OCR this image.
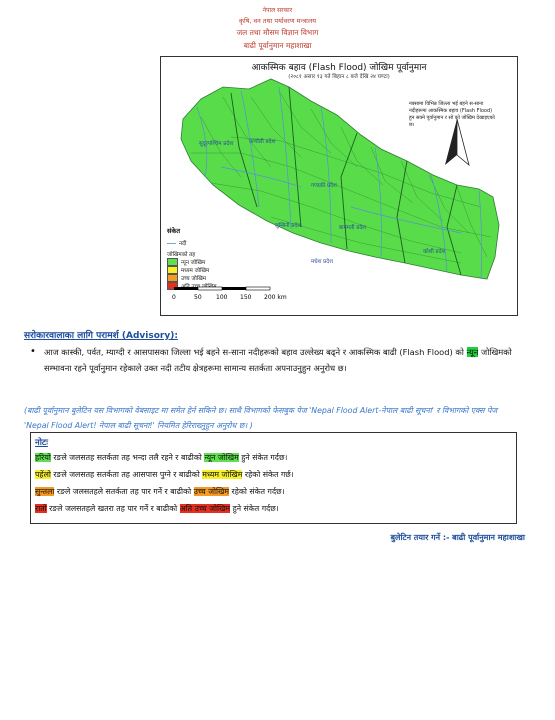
नेपाल सरकार
कृषि, वन तथा पर्यावरण मन्त्रालय
जल तथा मौसम विज्ञान विभाग
बाढी पूर्वानुमान महाशाखा
सुदूरपश्चिम प्रदेश	कर्णाली प्रदेश
गण्डकी प्रदेश
लुम्बिनी प्रदेश	बागमती प्रदेश
मधेश प्रदेश
कोशी प्रदेश
आकस्मिक बहाव (Flash Flood) जोखिम पूर्वानुमान
(२०८१ असार १३ गते बिहान ८ बजे देखि २४ घण्टा)
नक्सामा विभिन्न जिल्ला भई बहने स-साना नदीहरूमा आकस्मिक बहाव (Flash Flood) हुन सक्ने पूर्वानुमान र सो को जोखिम देखाइएको छ।
संकेत
नदी
जोखिमको तह
न्यून जोखिम
मध्यम जोखिम
उच्च जोखिम
0	50 100 150 200 km
सरोकारवालाका लागि परामर्श (Advisory):
• आज कास्की, पर्वत, म्याग्दी र आसपासका जिल्ला भई बहने स-साना नदीहरूको बहाव उल्लेख्य बढ्ने र आकस्मिक बाढी (Flash Flood) को न्यून जोखिमको सम्भावना रहने पूर्वानुमान रहेकाले उक्त नदी तटीय क्षेत्रहरूमा सामान्य सतर्कता अपनाउनुहुन अनुरोध छ।
(बाढी पूर्वानुमान बुलेटिन यस विभागको वेबसाइट मा समेत हेर्न सकिने छ। साथै विभागको फेसबुक पेज 'Nepal Flood Alert-नेपाल बाढी सूचना' र विभागको एक्स पेज 'Nepal Flood Alert! नेपाल बाढी सूचना!' नियमित हेरिराख्नुहुन अनुरोध छ। )
नोटः
हरियो रङले जलसतह सतर्कता तह भन्दा तलै रहने र बाढीको न्यून जोखिम हुने संकेत गर्दछ।
पहेंलो रङले जलसतह सतर्कता तह आसपास पुग्ने र बाढीको मध्यम जोखिम रहेको संकेत गर्छ।
सुन्तला रङले जलसतहले सतर्कता तह पार गर्ने र बाढीको उच्च जोखिम रहेको संकेत गर्दछ।
रातो रङले जलसतहले खतरा तह पार गर्ने र बाढीको अति उच्च जोखिम हुने संकेत गर्दछ।
बुलेटिन तयार गर्ने :- बाढी पूर्वानुमान महाशाखा
